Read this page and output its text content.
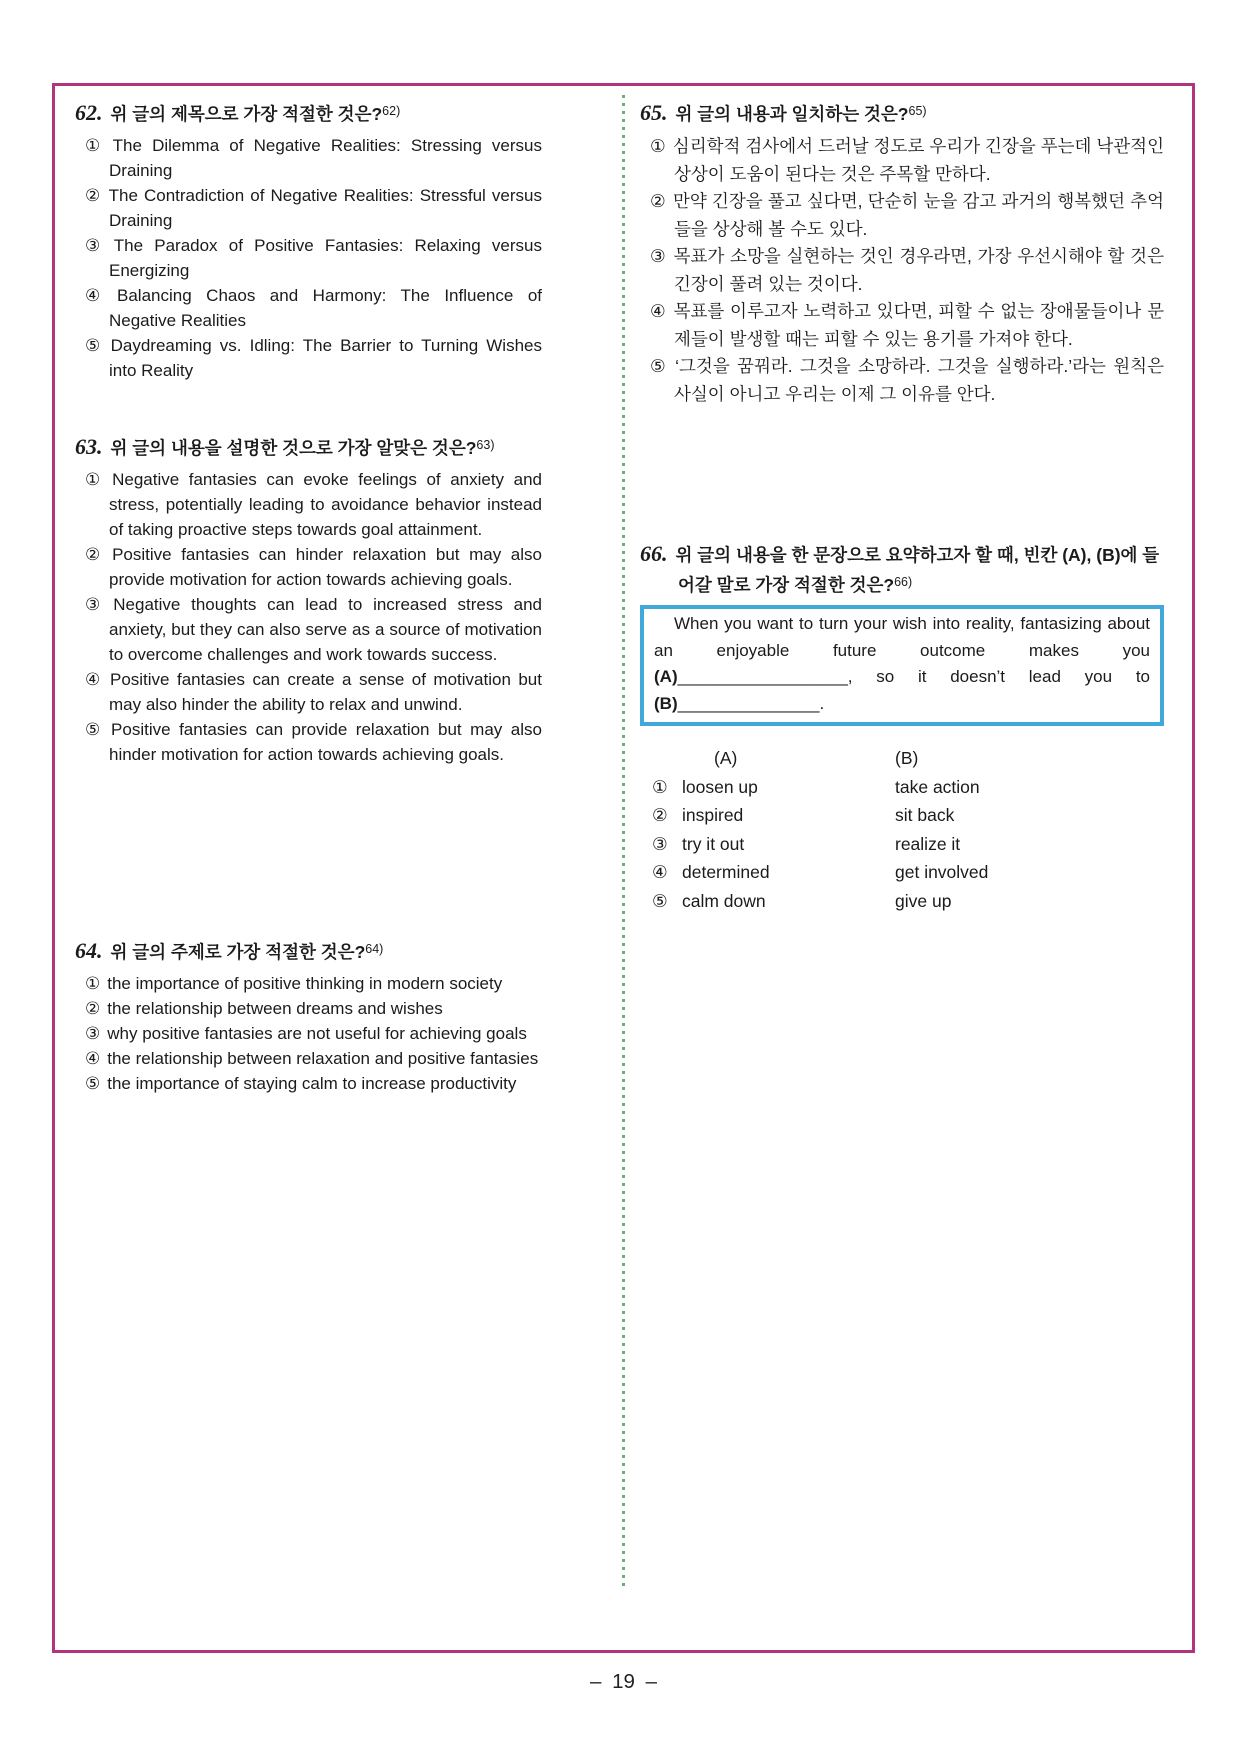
62. 위 글의 제목으로 가장 적절한 것은?$^{62)}$
① The Dilemma of Negative Realities: Stressing versus Draining
② The Contradiction of Negative Realities: Stressful versus Draining
③ The Paradox of Positive Fantasies: Relaxing versus Energizing
④ Balancing Chaos and Harmony: The Influence of Negative Realities
⑤ Daydreaming vs. Idling: The Barrier to Turning Wishes into Reality
63. 위 글의 내용을 설명한 것으로 가장 알맞은 것은?$^{63)}$
① Negative fantasies can evoke feelings of anxiety and stress, potentially leading to avoidance behavior instead of taking proactive steps towards goal attainment.
② Positive fantasies can hinder relaxation but may also provide motivation for action towards achieving goals.
③ Negative thoughts can lead to increased stress and anxiety, but they can also serve as a source of motivation to overcome challenges and work towards success.
④ Positive fantasies can create a sense of motivation but may also hinder the ability to relax and unwind.
⑤ Positive fantasies can provide relaxation but may also hinder motivation for action towards achieving goals.
64. 위 글의 주제로 가장 적절한 것은?$^{64)}$
① the importance of positive thinking in modern society
② the relationship between dreams and wishes
③ why positive fantasies are not useful for achieving goals
④ the relationship between relaxation and positive fantasies
⑤ the importance of staying calm to increase productivity
65. 위 글의 내용과 일치하는 것은?$^{65)}$
① 심리학적 검사에서 드러날 정도로 우리가 긴장을 푸는데 낙관적인 상상이 도움이 된다는 것은 주목할 만하다.
② 만약 긴장을 풀고 싶다면, 단순히 눈을 감고 과거의 행복했던 추억들을 상상해 볼 수도 있다.
③ 목표가 소망을 실현하는 것인 경우라면, 가장 우선시해야 할 것은 긴장이 풀려 있는 것이다.
④ 목표를 이루고자 노력하고 있다면, 피할 수 없는 장애물들이나 문제들이 발생할 때는 피할 수 있는 용기를 가져야 한다.
⑤ ‘그것을 꿈꿔라. 그것을 소망하라. 그것을 실행하라.’라는 원칙은 사실이 아니고 우리는 이제 그 이유를 안다.
66. 위 글의 내용을 한 문장으로 요약하고자 할 때, 빈칸 (A), (B)에 들어갈 말로 가장 적절한 것은?$^{66)}$

When you want to turn your wish into reality, fantasizing about an enjoyable future outcome makes you (A)__________________, so it doesn’t lead you to (B)_______________.

(A)	(B)
① loosen up	take action
② inspired	sit back
③ try it out	realize it
④ determined	get involved
⑤ calm down	give up
– 19 –
